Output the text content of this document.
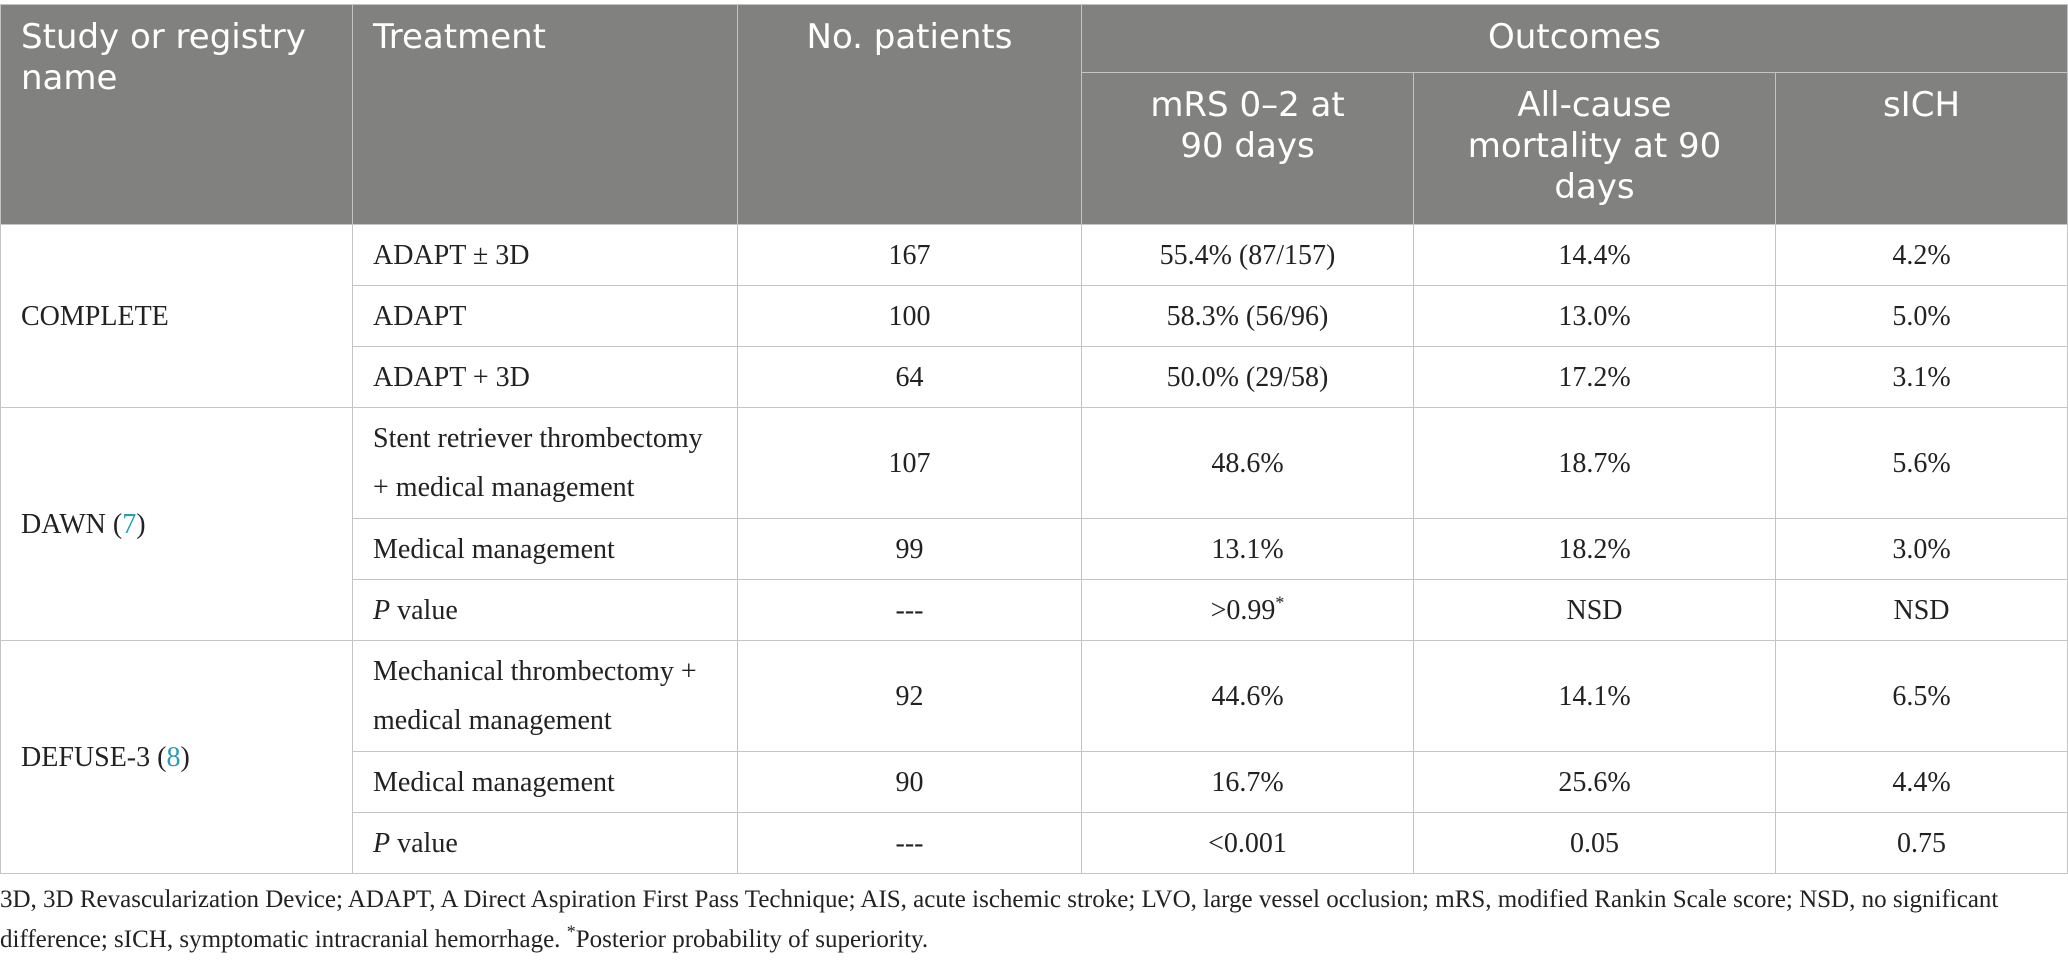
Study or registry name	Treatment	No. patients	Outcomes		

			mRS 0–2 at 90 days	All-cause mortality at 90 days	sICH
COMPLETE	ADAPT ± 3D	167	55.4% (87/157)	14.4%	4.2%
	ADAPT	100	58.3% (56/96)	13.0%	5.0%
	ADAPT + 3D	64	50.0% (29/58)	17.2%	3.1%
DAWN (7)	Stent retriever thrombectomy + medical management	107	48.6%	18.7%	5.6%
	Medical management	99	13.1%	18.2%	3.0%
	P value	---	>0.99*	NSD	NSD
DEFUSE-3 (8)	Mechanical thrombectomy + medical management	92	44.6%	14.1%	6.5%
	Medical management	90	16.7%	25.6%	4.4%
	P value	---	<0.001	0.05	0.75
3D, 3D Revascularization Device; ADAPT, A Direct Aspiration First Pass Technique; AIS, acute ischemic stroke; LVO, large vessel occlusion; mRS, modified Rankin Scale score; NSD, no significant difference; sICH, symptomatic intracranial hemorrhage. *Posterior probability of superiority.
